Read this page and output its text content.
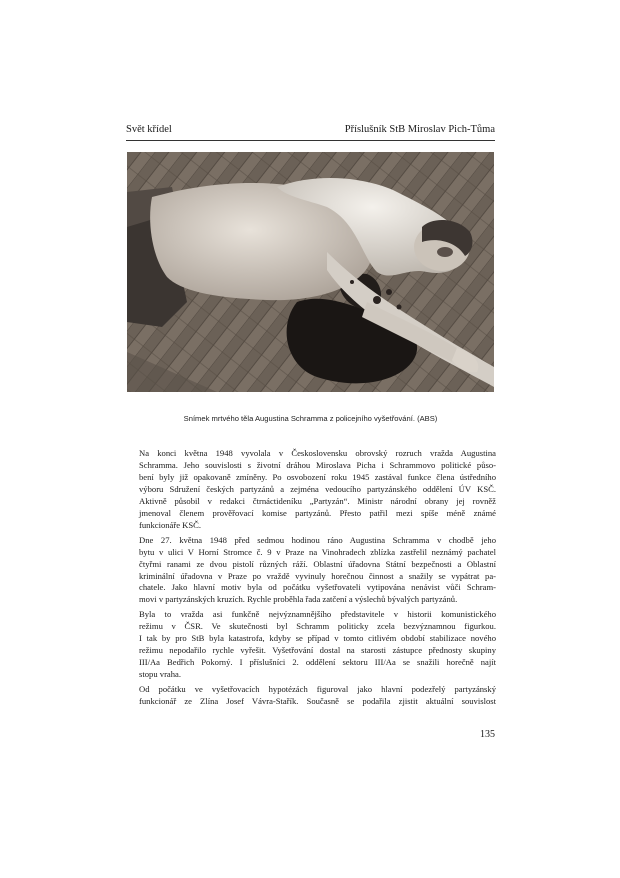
Svět křídel	Příslušník StB Miroslav Pich-Tůma
Snímek mrtvého těla Augustina Schramma z policejního vyšetřování. (ABS)

Na konci května 1948 vyvolala v Československu obrovský rozruch vražda Augustina
Schramma. Jeho souvislosti s životní dráhou Miroslava Picha i Schrammovo politické půso-
bení byly již opakovaně zmíněny. Po osvobození roku 1945 zastával funkce člena ústředního
výboru Sdružení českých partyzánů a zejména vedoucího partyzánského oddělení ÚV KSČ.
Aktivně působil v redakci čtrnáctideníku „Partyzán“. Ministr národní obrany jej rovněž
jmenoval členem prověřovací komise partyzánů. Přesto patřil mezi spíše méně známé
funkcionáře KSČ.

Dne 27. května 1948 před sedmou hodinou ráno Augustina Schramma v chodbě jeho
bytu v ulici V Horní Stromce č. 9 v Praze na Vinohradech zblízka zastřelil neznámý pachatel
čtyřmi ranami ze dvou pistolí různých ráží. Oblastní úřadovna Státní bezpečnosti a Oblastní
kriminální úřadovna v Praze po vraždě vyvinuly horečnou činnost a snažily se vypátrat pa-
chatele. Jako hlavní motiv byla od počátku vyšetřovateli vytipována nenávist vůči Schram-
movi v partyzánských kruzích. Rychle proběhla řada zatčení a výslechů bývalých partyzánů.

Byla to vražda asi funkčně nejvýznamnějšího představitele v historii komunistického
režimu v ČSR. Ve skutečnosti byl Schramm politicky zcela bezvýznamnou figurkou.
I tak by pro StB byla katastrofa, kdyby se případ v tomto citlivém období stabilizace nového
režimu nepodařilo rychle vyřešit. Vyšetřování dostal na starosti zástupce přednosty skupiny
III/Aa Bedřich Pokorný. I příslušníci 2. oddělení sektoru III/Aa se snažili horečně najít
stopu vraha.

Od počátku ve vyšetřovacích hypotézách figuroval jako hlavní podezřelý partyzánský
funkcionář ze Zlína Josef Vávra-Stařík. Současně se podařila zjistit aktuální souvislost

135
